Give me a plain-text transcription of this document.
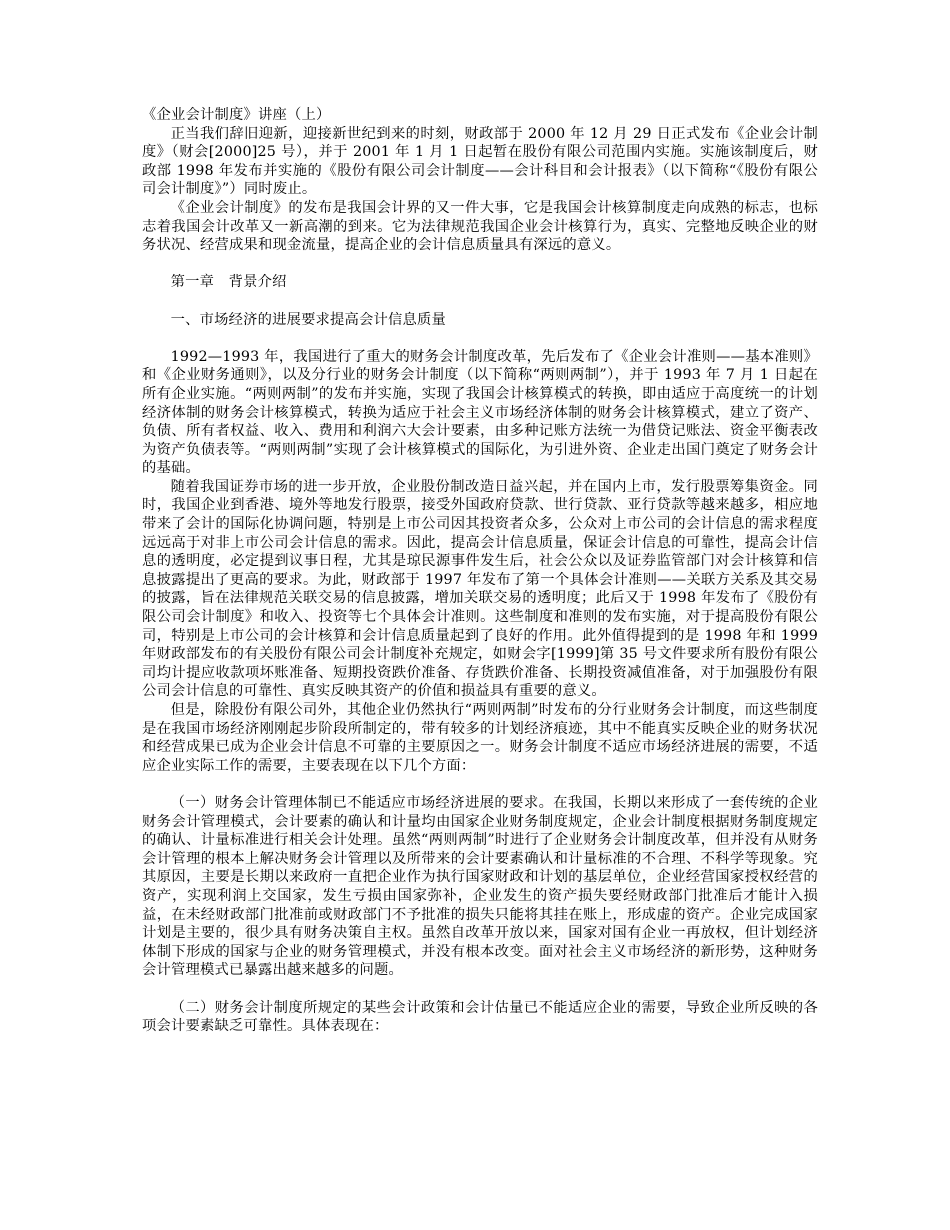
《企业会计制度》讲座（上）

正当我们辞旧迎新，迎接新世纪到来的时刻，财政部于 2000 年 12 月 29 日正式发布《企业会计制度》（财会[2000]25 号），并于 2001 年 1 月 1 日起暂在股份有限公司范围内实施。实施该制度后，财政部 1998 年发布并实施的《股份有限公司会计制度——会计科目和会计报表》（以下简称“《股份有限公司会计制度》”）同时废止。

《企业会计制度》的发布是我国会计界的又一件大事，它是我国会计核算制度走向成熟的标志，也标志着我国会计改革又一新高潮的到来。它为法律规范我国企业会计核算行为，真实、完整地反映企业的财务状况、经营成果和现金流量，提高企业的会计信息质量具有深远的意义。

第一章　背景介绍

一、市场经济的进展要求提高会计信息质量

1992—1993 年，我国进行了重大的财务会计制度改革，先后发布了《企业会计准则——基本准则》和《企业财务通则》，以及分行业的财务会计制度（以下简称“两则两制”），并于 1993 年 7 月 1 日起在所有企业实施。“两则两制”的发布并实施，实现了我国会计核算模式的转换，即由适应于高度统一的计划经济体制的财务会计核算模式，转换为适应于社会主义市场经济体制的财务会计核算模式，建立了资产、负债、所有者权益、收入、费用和利润六大会计要素，由多种记账方法统一为借贷记账法、资金平衡表改为资产负债表等。“两则两制”实现了会计核算模式的国际化，为引进外资、企业走出国门奠定了财务会计的基础。

随着我国证券市场的进一步开放，企业股份制改造日益兴起，并在国内上市，发行股票筹集资金。同时，我国企业到香港、境外等地发行股票，接受外国政府贷款、世行贷款、亚行贷款等越来越多，相应地带来了会计的国际化协调问题，特别是上市公司因其投资者众多，公众对上市公司的会计信息的需求程度远远高于对非上市公司会计信息的需求。因此，提高会计信息质量，保证会计信息的可靠性，提高会计信息的透明度，必定提到议事日程，尤其是琼民源事件发生后，社会公众以及证券监管部门对会计核算和信息披露提出了更高的要求。为此，财政部于 1997 年发布了第一个具体会计准则——关联方关系及其交易的披露，旨在法律规范关联交易的信息披露，增加关联交易的透明度；此后又于 1998 年发布了《股份有限公司会计制度》和收入、投资等七个具体会计准则。这些制度和准则的发布实施，对于提高股份有限公司，特别是上市公司的会计核算和会计信息质量起到了良好的作用。此外值得提到的是 1998 年和 1999 年财政部发布的有关股份有限公司会计制度补充规定，如财会字[1999]第 35 号文件要求所有股份有限公司均计提应收款项坏账准备、短期投资跌价准备、存货跌价准备、长期投资减值准备，对于加强股份有限公司会计信息的可靠性、真实反映其资产的价值和损益具有重要的意义。

但是，除股份有限公司外，其他企业仍然执行“两则两制”时发布的分行业财务会计制度，而这些制度是在我国市场经济刚刚起步阶段所制定的，带有较多的计划经济痕迹，其中不能真实反映企业的财务状况和经营成果已成为企业会计信息不可靠的主要原因之一。财务会计制度不适应市场经济进展的需要，不适应企业实际工作的需要，主要表现在以下几个方面：

（一）财务会计管理体制已不能适应市场经济进展的要求。在我国，长期以来形成了一套传统的企业财务会计管理模式，会计要素的确认和计量均由国家企业财务制度规定，企业会计制度根据财务制度规定的确认、计量标准进行相关会计处理。虽然“两则两制”时进行了企业财务会计制度改革，但并没有从财务会计管理的根本上解决财务会计管理以及所带来的会计要素确认和计量标准的不合理、不科学等现象。究其原因，主要是长期以来政府一直把企业作为执行国家财政和计划的基层单位，企业经营国家授权经营的资产，实现利润上交国家，发生亏损由国家弥补，企业发生的资产损失要经财政部门批准后才能计入损益，在未经财政部门批准前或财政部门不予批准的损失只能将其挂在账上，形成虚的资产。企业完成国家计划是主要的，很少具有财务决策自主权。虽然自改革开放以来，国家对国有企业一再放权，但计划经济体制下形成的国家与企业的财务管理模式，并没有根本改变。面对社会主义市场经济的新形势，这种财务会计管理模式已暴露出越来越多的问题。

（二）财务会计制度所规定的某些会计政策和会计估量已不能适应企业的需要，导致企业所反映的各项会计要素缺乏可靠性。具体表现在：
